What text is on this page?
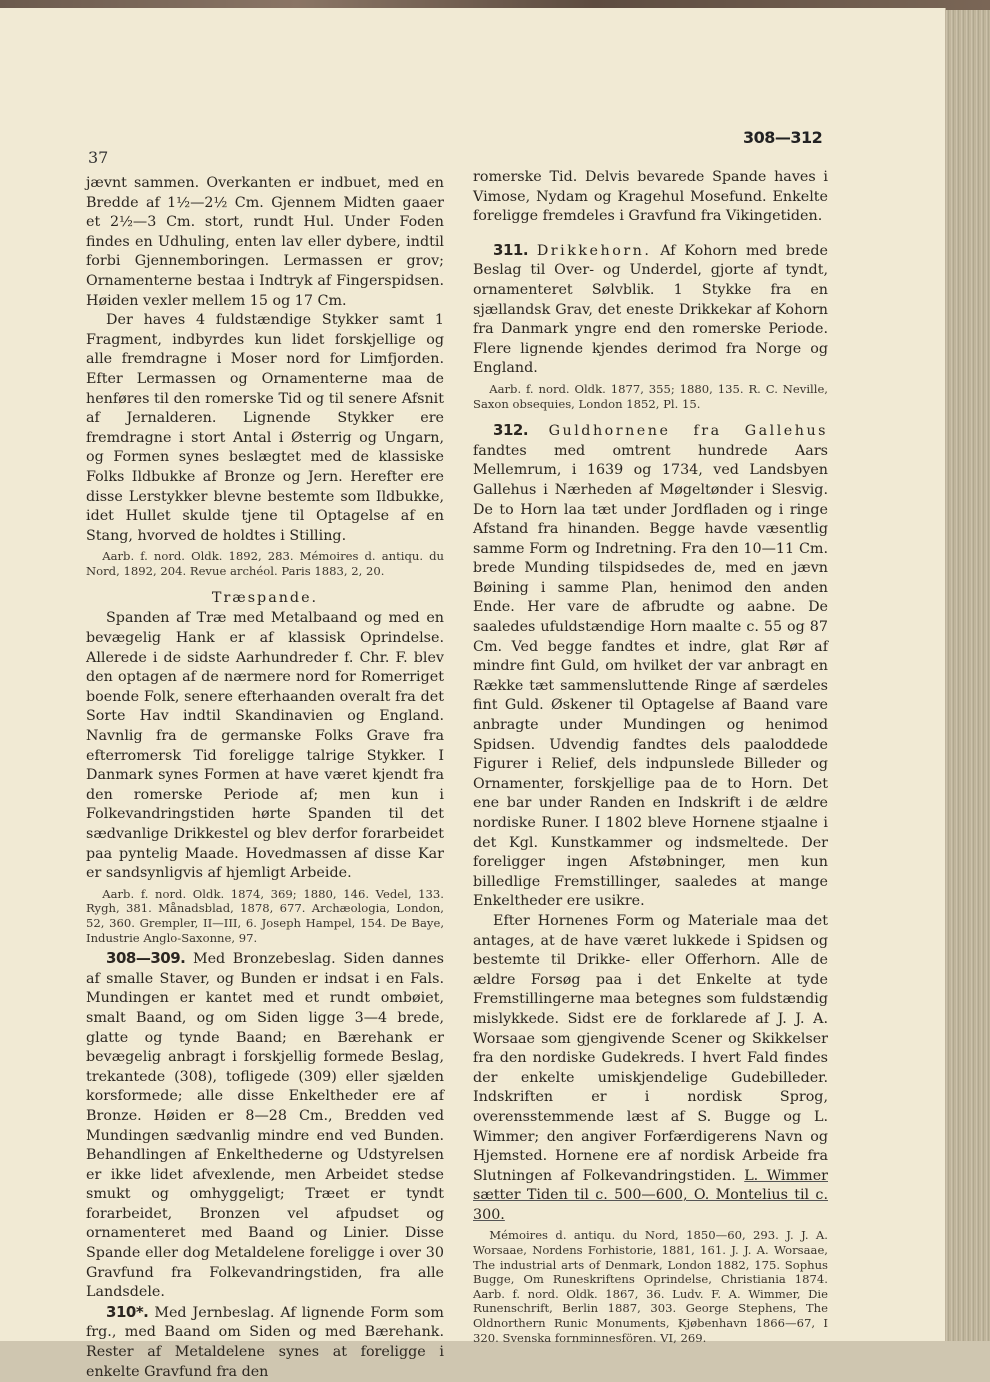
37
308—312

jævnt sammen. Overkanten er indbuet, med en Bredde af 1½—2½ Cm. Gjennem Midten gaaer et 2½—3 Cm. stort, rundt Hul. Under Foden findes en Udhuling, enten lav eller dybere, indtil forbi Gjennemboringen. Lermassen er grov; Ornamenterne bestaa i Indtryk af Fingerspidsen. Høiden vexler mellem 15 og 17 Cm.

Der haves 4 fuldstændige Stykker samt 1 Fragment, indbyrdes kun lidet forskjellige og alle fremdragne i Moser nord for Limfjorden. Efter Lermassen og Ornamenterne maa de henføres til den romerske Tid og til senere Afsnit af Jernalderen. Lignende Stykker ere fremdragne i stort Antal i Østerrig og Ungarn, og Formen synes beslægtet med de klassiske Folks Ildbukke af Bronze og Jern. Herefter ere disse Lerstykker blevne bestemte som Ildbukke, idet Hullet skulde tjene til Optagelse af en Stang, hvorved de holdtes i Stilling.

Aarb. f. nord. Oldk. 1892, 283. Mémoires d. antiqu. du Nord, 1892, 204. Revue archéol. Paris 1883, 2, 20.

Træspande.

Spanden af Træ med Metalbaand og med en bevægelig Hank er af klassisk Oprindelse. Allerede i de sidste Aarhundreder f. Chr. F. blev den optagen af de nærmere nord for Romerriget boende Folk, senere efterhaanden overalt fra det Sorte Hav indtil Skandinavien og England. Navnlig fra de germanske Folks Grave fra efterromersk Tid foreligge talrige Stykker. I Danmark synes Formen at have været kjendt fra den romerske Periode af; men kun i Folkevandringstiden hørte Spanden til det sædvanlige Drikkestel og blev derfor forarbeidet paa pyntelig Maade. Hovedmassen af disse Kar er sandsynligvis af hjemligt Arbeide.

Aarb. f. nord. Oldk. 1874, 369; 1880, 146. Vedel, 133. Rygh, 381. Månadsblad, 1878, 677. Archæologia, London, 52, 360. Grempler, II—III, 6. Joseph Hampel, 154. De Baye, Industrie Anglo-Saxonne, 97.

308—309. Med Bronzebeslag. Siden dannes af smalle Staver, og Bunden er indsat i en Fals. Mundingen er kantet med et rundt ombøiet, smalt Baand, og om Siden ligge 3—4 brede, glatte og tynde Baand; en Bærehank er bevægelig anbragt i forskjellig formede Beslag, trekantede (308), tofligede (309) eller sjælden korsformede; alle disse Enkeltheder ere af Bronze. Høiden er 8—28 Cm., Bredden ved Mundingen sædvanlig mindre end ved Bunden. Behandlingen af Enkelthederne og Udstyrelsen er ikke lidet afvexlende, men Arbeidet stedse smukt og omhyggeligt; Træet er tyndt forarbeidet, Bronzen vel afpudset og ornamenteret med Baand og Linier. Disse Spande eller dog Metaldelene foreligge i over 30 Gravfund fra Folkevandringstiden, fra alle Landsdele.

310*. Med Jernbeslag. Af lignende Form som frg., med Baand om Siden og med Bærehank. Rester af Metaldelene synes at foreligge i enkelte Gravfund fra den

romerske Tid. Delvis bevarede Spande haves i Vimose, Nydam og Kragehul Mosefund. Enkelte foreligge fremdeles i Gravfund fra Vikingetiden.

311. Drikkehorn. Af Kohorn med brede Beslag til Over- og Underdel, gjorte af tyndt, ornamenteret Sølvblik. 1 Stykke fra en sjællandsk Grav, det eneste Drikkekar af Kohorn fra Danmark yngre end den romerske Periode. Flere lignende kjendes derimod fra Norge og England.

Aarb. f. nord. Oldk. 1877, 355; 1880, 135. R. C. Neville, Saxon obsequies, London 1852, Pl. 15.

312. Guldhornene fra Gallehus fandtes med omtrent hundrede Aars Mellemrum, i 1639 og 1734, ved Landsbyen Gallehus i Nærheden af Møgeltønder i Slesvig. De to Horn laa tæt under Jordfladen og i ringe Afstand fra hinanden. Begge havde væsentlig samme Form og Indretning. Fra den 10—11 Cm. brede Munding tilspidsedes de, med en jævn Bøining i samme Plan, henimod den anden Ende. Her vare de afbrudte og aabne. De saaledes ufuldstændige Horn maalte c. 55 og 87 Cm. Ved begge fandtes et indre, glat Rør af mindre fint Guld, om hvilket der var anbragt en Række tæt sammensluttende Ringe af særdeles fint Guld. Øskener til Optagelse af Baand vare anbragte under Mundingen og henimod Spidsen. Udvendig fandtes dels paaloddede Figurer i Relief, dels indpunslede Billeder og Ornamenter, forskjellige paa de to Horn. Det ene bar under Randen en Indskrift i de ældre nordiske Runer. I 1802 bleve Hornene stjaalne i det Kgl. Kunstkammer og indsmeltede. Der foreligger ingen Afstøbninger, men kun billedlige Fremstillinger, saaledes at mange Enkeltheder ere usikre.

Efter Hornenes Form og Materiale maa det antages, at de have været lukkede i Spidsen og bestemte til Drikke- eller Offerhorn. Alle de ældre Forsøg paa i det Enkelte at tyde Fremstillingerne maa betegnes som fuldstændig mislykkede. Sidst ere de forklarede af J. J. A. Worsaae som gjengivende Scener og Skikkelser fra den nordiske Gudekreds. I hvert Fald findes der enkelte umiskjendelige Gudebilleder. Indskriften er i nordisk Sprog, overensstemmende læst af S. Bugge og L. Wimmer; den angiver Forfærdigerens Navn og Hjemsted. Hornene ere af nordisk Arbeide fra Slutningen af Folkevandringstiden. L. Wimmer sætter Tiden til c. 500—600, O. Montelius til c. 300.

Mémoires d. antiqu. du Nord, 1850—60, 293. J. J. A. Worsaae, Nordens Forhistorie, 1881, 161. J. J. A. Worsaae, The industrial arts of Denmark, London 1882, 175. Sophus Bugge, Om Runeskriftens Oprindelse, Christiania 1874. Aarb. f. nord. Oldk. 1867, 36. Ludv. F. A. Wimmer, Die Runenschrift, Berlin 1887, 303. George Stephens, The Oldnorthern Runic Monuments, Kjøbenhavn 1866—67, I 320. Svenska fornminnesfören. VI, 269.
